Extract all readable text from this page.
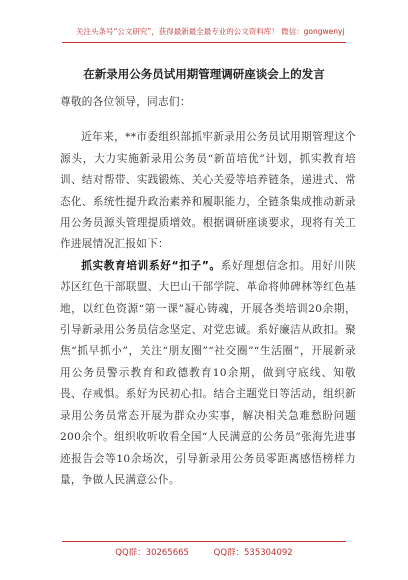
关注头条号“公文研究”，获得最新最全最专业的公文资料库！ 微信：gongwenyj
在新录用公务员试用期管理调研座谈会上的发言

尊敬的各位领导，同志们：

近年来，**市委组织部抓牢新录用公务员试用期管理这个源头，大力实施新录用公务员“新苗培优”计划，抓实教育培训、结对帮带、实践锻炼、关心关爱等培养链条，递进式、常态化、系统性提升政治素养和履职能力，全链条集成推动新录用公务员源头管理提质增效。根据调研座谈要求，现将有关工作进展情况汇报如下：

抓实教育培训系好“扣子”。系好理想信念扣。用好川陕苏区红色干部联盟、大巴山干部学院、革命将帅碑林等红色基地，以红色资源“第一课”凝心铸魂，开展各类培训20余期，引导新录用公务员信念坚定、对党忠诚。系好廉洁从政扣。聚焦“抓早抓小”，关注“朋友圈”“社交圈”“生活圈”，开展新录用公务员警示教育和政德教育10余期，做到守底线、知敬畏、存戒惧。系好为民初心扣。结合主题党日等活动，组织新录用公务员常态开展为群众办实事，解决相关急难愁盼问题200余个。组织收听收看全国“人民满意的公务员”张海先进事迹报告会等10余场次，引导新录用公务员零距离感悟榜样力量，争做人民满意公仆。

QQ群：30265665	QQ群：535304092
